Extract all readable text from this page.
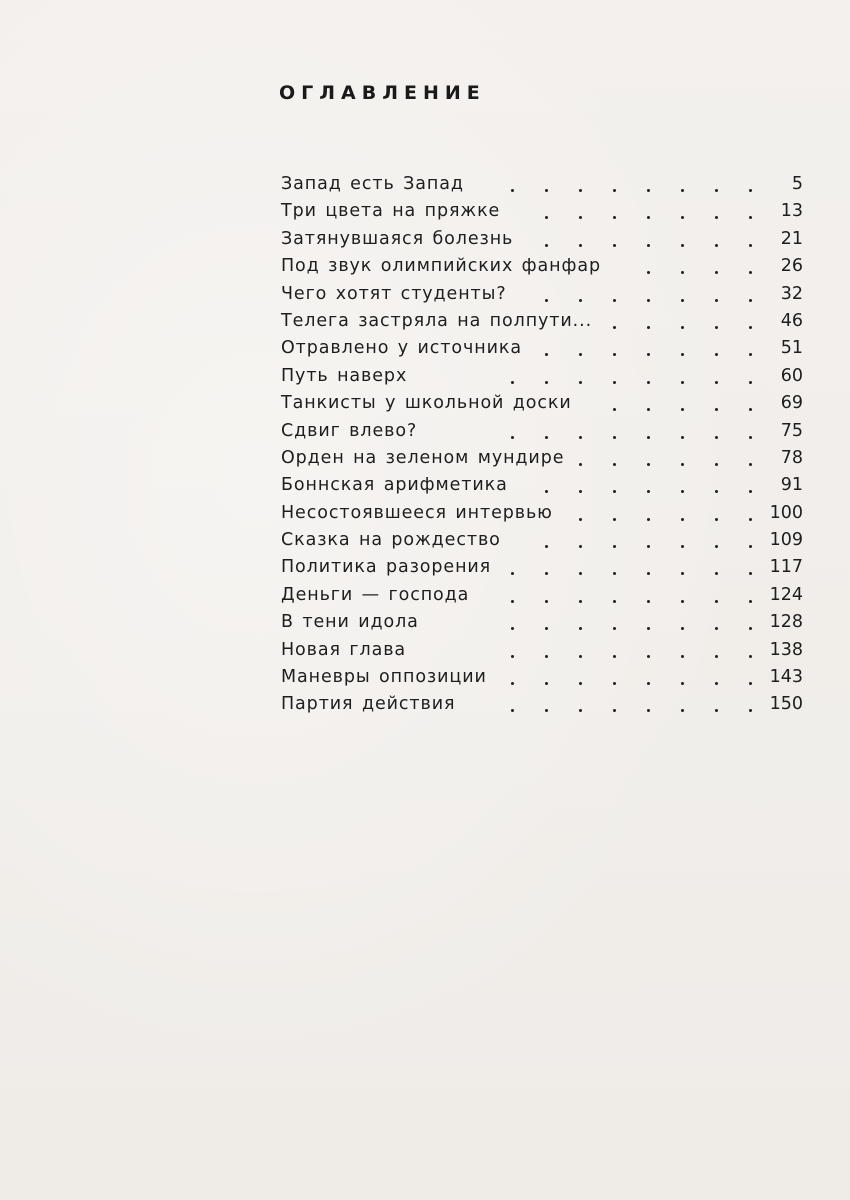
ОГЛАВЛЕНИЕ
Запад есть Запад	5
Три цвета на пряжке	13
Затянувшаяся болезнь	21
Под звук олимпийских фанфар	26
Чего хотят студенты?	32
Телега застряла на полпути...	46
Отравлено у источника	51
Путь наверх	60
Танкисты у школьной доски	69
Сдвиг влево?	75
Орден на зеленом мундире	78
Боннская арифметика	91
Несостоявшееся интервью	100
Сказка на рождество	109
Политика разорения	117
Деньги — господа	124
В тени идола	128
Новая глава	138
Маневры оппозиции	143
Партия действия	150
